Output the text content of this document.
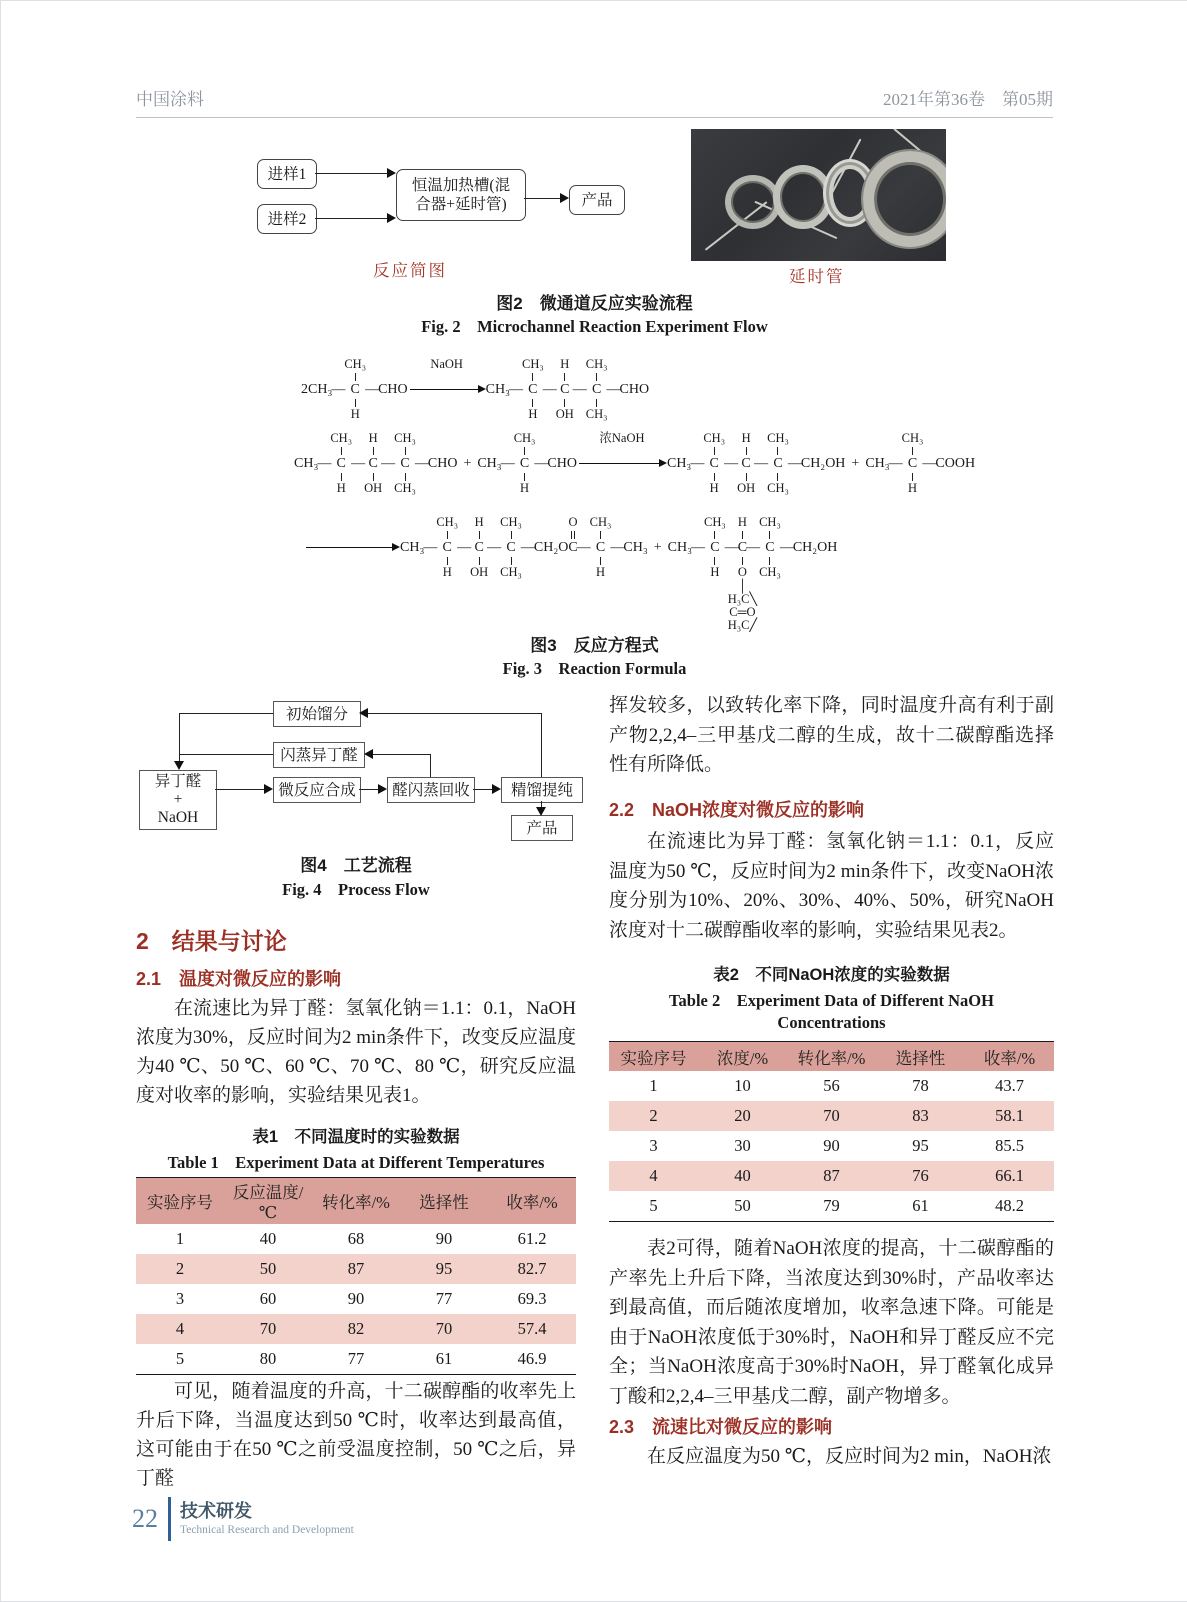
中国涂料	2021年第36卷　第05期
进样1
进样2
恒温加热槽(混
合器+延时管)	产品
反应简图	延时管
图2　微通道反应实验流程
Fig. 2　Microchannel Reaction Experiment Flow
2CH₃ —
CH₃
C
H
— CHO
NaOH
CH₃ —
CH₃
C
H
—
H
C
OH
—
CH₃
C
CH₃
— CHO
CH₃ —
CH₃
C
H
—
H
C
OH
—
CH₃
C
CH₃
— CHO + CH₃ —
CH₃
C
H
— CHO
浓NaOH
CH₃ —
CH₃
C
H
—
H
C
OH
—
CH₃
C
CH₃
— CH₂OH + CH₃ —
CH₃
C
H
— COOH
CH₃ —
CH₃
C
H
—
H
C
OH
—
CH₃
C
CH₃
— CH₂O
O
C —
CH₃
C
H
— CH₃ + CH₃ —
CH₃
C
H
—
H
C
O
│
H₃C╲
C═O
H₃C╱
—
CH₃
C
CH₃
— CH₂OH
图3　反应方程式
Fig. 3　Reaction Formula
初始馏分
闪蒸异丁醛
异丁醛
+
NaOH
微反应合成 醛闪蒸回收	精馏提纯
产品
图4　工艺流程
Fig. 4　Process Flow
2　结果与讨论
2.1　温度对微反应的影响

在流速比为异丁醛：氢氧化钠＝1.1：0.1，NaOH浓度为30%，反应时间为2 min条件下，改变反应温度为40 ℃、50 ℃、60 ℃、70 ℃、80 ℃，研究反应温度对收率的影响，实验结果见表1。

表1　不同温度时的实验数据
Table 1　Experiment Data at Different Temperatures
实验序号	反应温度/℃	转化率/%	选择性	收率/%
1	40	68	90	61.2
2	50	87	95	82.7
3	60	90	77	69.3
4	70	82	70	57.4
5	80	77	61	46.9

可见，随着温度的升高，十二碳醇酯的收率先上升后下降，当温度达到50 ℃时，收率达到最高值，这可能由于在50 ℃之前受温度控制，50 ℃之后，异丁醛

挥发较多，以致转化率下降，同时温度升高有利于副产物2,2,4–三甲基戊二醇的生成，故十二碳醇酯选择性有所降低。

2.2　NaOH浓度对微反应的影响

在流速比为异丁醛：氢氧化钠＝1.1：0.1，反应温度为50 ℃，反应时间为2 min条件下，改变NaOH浓度分别为10%、20%、30%、40%、50%，研究NaOH浓度对十二碳醇酯收率的影响，实验结果见表2。

表2　不同NaOH浓度的实验数据
Table 2　Experiment Data of Different NaOH
Concentrations
实验序号	浓度/%	转化率/%	选择性	收率/%
1	10	56	78	43.7
2	20	70	83	58.1
3	30	90	95	85.5
4	40	87	76	66.1
5	50	79	61	48.2

表2可得，随着NaOH浓度的提高，十二碳醇酯的产率先上升后下降，当浓度达到30%时，产品收率达到最高值，而后随浓度增加，收率急速下降。可能是由于NaOH浓度低于30%时，NaOH和异丁醛反应不完全；当NaOH浓度高于30%时NaOH，异丁醛氧化成异丁酸和2,2,4–三甲基戊二醇，副产物增多。

2.3　流速比对微反应的影响

在反应温度为50 ℃，反应时间为2 min，NaOH浓

22 技术研发
Technical Research and Development
